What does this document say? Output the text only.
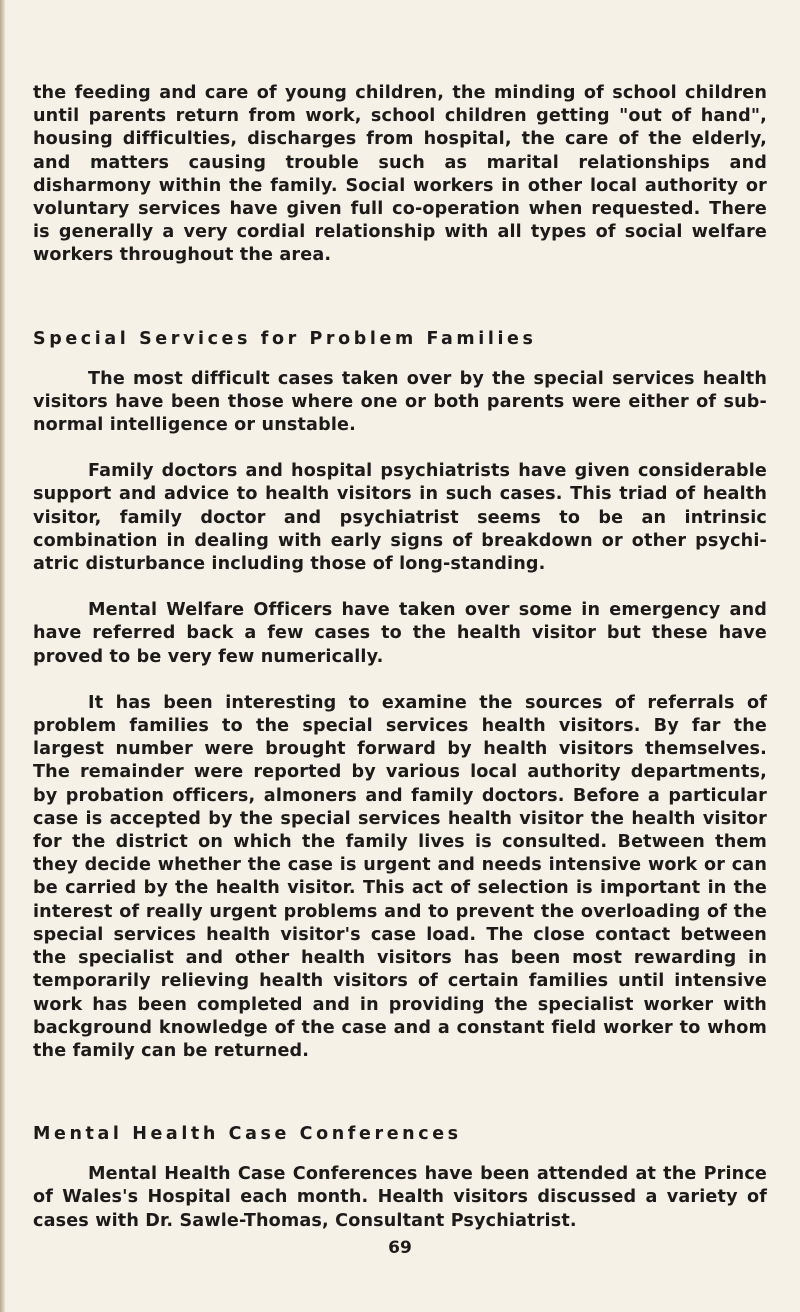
the feeding and care of young children, the minding of school children until parents return from work, school children getting "out of hand", housing difficulties, discharges from hospital, the care of the elderly, and matters causing trouble such as marital relationships and disharmony within the family. Social workers in other local authority or voluntary services have given full co-operation when requested. There is generally a very cordial relationship with all types of social welfare workers throughout the area.

Special Services for Problem Families

The most difficult cases taken over by the special services health visitors have been those where one or both parents were either of sub-normal intelligence or unstable.

Family doctors and hospital psychiatrists have given considerable support and advice to health visitors in such cases. This triad of health visitor, family doctor and psychiatrist seems to be an intrinsic combination in dealing with early signs of breakdown or other psychi- atric disturbance including those of long-standing.

Mental Welfare Officers have taken over some in emergency and have referred back a few cases to the health visitor but these have proved to be very few numerically.

It has been interesting to examine the sources of referrals of problem families to the special services health visitors. By far the largest number were brought forward by health visitors themselves. The remainder were reported by various local authority departments, by probation officers, almoners and family doctors. Before a particular case is accepted by the special services health visitor the health visitor for the district on which the family lives is consulted. Between them they decide whether the case is urgent and needs intensive work or can be carried by the health visitor. This act of selection is important in the interest of really urgent problems and to prevent the overloading of the special services health visitor's case load. The close contact between the specialist and other health visitors has been most rewarding in temporarily relieving health visitors of certain families until intensive work has been completed and in providing the specialist worker with background knowledge of the case and a constant field worker to whom the family can be returned.

Mental Health Case Conferences

Mental Health Case Conferences have been attended at the Prince of Wales's Hospital each month. Health visitors discussed a variety of cases with Dr. Sawle-Thomas, Consultant Psychiatrist.

69
